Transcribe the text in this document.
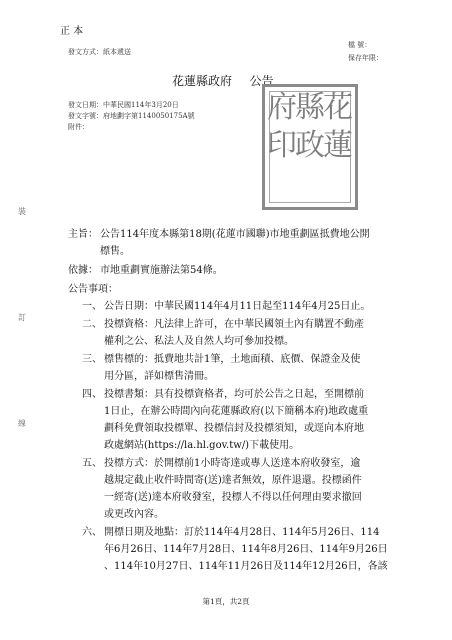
正 本
發文方式：紙本遞送
檔 號：
保存年限：
花蓮縣政府 公告
發文日期：中華民國114年3月20日
發文字號：府地劃字第1140050175A號
附件：
花
蓮
縣
政
府
印
裝
訂
線
主旨： 公告114年度本縣第18期(花蓮市國聯)市地重劃區抵費地公開
標售。
依據： 市地重劃實施辦法第54條。
公告事項：
一、 公告日期：中華民國114年4月11日起至114年4月25日止。
二、 投標資格：凡法律上許可，在中華民國領土內有購置不動產
權利之公、私法人及自然人均可參加投標。
三、 標售標的：抵費地共計1筆，土地面積、底價、保證金及使
用分區，詳如標售清冊。
四、 投標書類：具有投標資格者，均可於公告之日起，至開標前
1日止，在辦公時間內向花蓮縣政府(以下簡稱本府)地政處重
劃科免費領取投標單、投標信封及投標須知，或逕向本府地
政處網站(https://la.hl.gov.tw/)下載使用。
五、 投標方式：於開標前1小時寄達或專人送達本府收發室，逾
越規定截止收件時間寄(送)達者無效，原件退還。投標函件
一經寄(送)達本府收發室，投標人不得以任何理由要求撤回
或更改內容。
六、 開標日期及地點：訂於114年4月28日、114年5月26日、114
年6月26日、114年7月28日、114年8月26日、114年9月26日
、114年10月27日、114年11月26日及114年12月26日，各該
第1頁，共2頁
